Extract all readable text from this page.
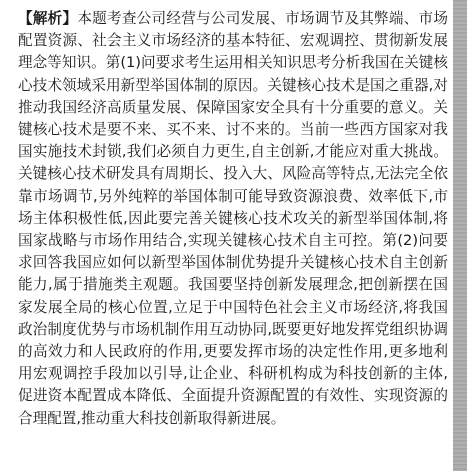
【解析】本题考查公司经营与公司发展、市场调节及其弊端、市场配置资源、社会主义市场经济的基本特征、宏观调控、贯彻新发展理念等知识。第(1)问要求考生运用相关知识思考分析我国在关键核心技术领域采用新型举国体制的原因。关键核心技术是国之重器,对推动我国经济高质量发展、保障国家安全具有十分重要的意义。关键核心技术是要不来、买不来、讨不来的。当前一些西方国家对我国实施技术封锁,我们必须自力更生,自主创新,才能应对重大挑战。关键核心技术研发具有周期长、投入大、风险高等特点,无法完全依靠市场调节,另外纯粹的举国体制可能导致资源浪费、效率低下,市场主体积极性低,因此要完善关键核心技术攻关的新型举国体制,将国家战略与市场作用结合,实现关键核心技术自主可控。第(2)问要求回答我国应如何以新型举国体制优势提升关键核心技术自主创新能力,属于措施类主观题。我国要坚持创新发展理念,把创新摆在国家发展全局的核心位置,立足于中国特色社会主义市场经济,将我国政治制度优势与市场机制作用互动协同,既要更好地发挥党组织协调的高效力和人民政府的作用,更要发挥市场的决定性作用,更多地利用宏观调控手段加以引导,让企业、科研机构成为科技创新的主体,促进资本配置成本降低、全面提升资源配置的有效性、实现资源的合理配置,推动重大科技创新取得新进展。
